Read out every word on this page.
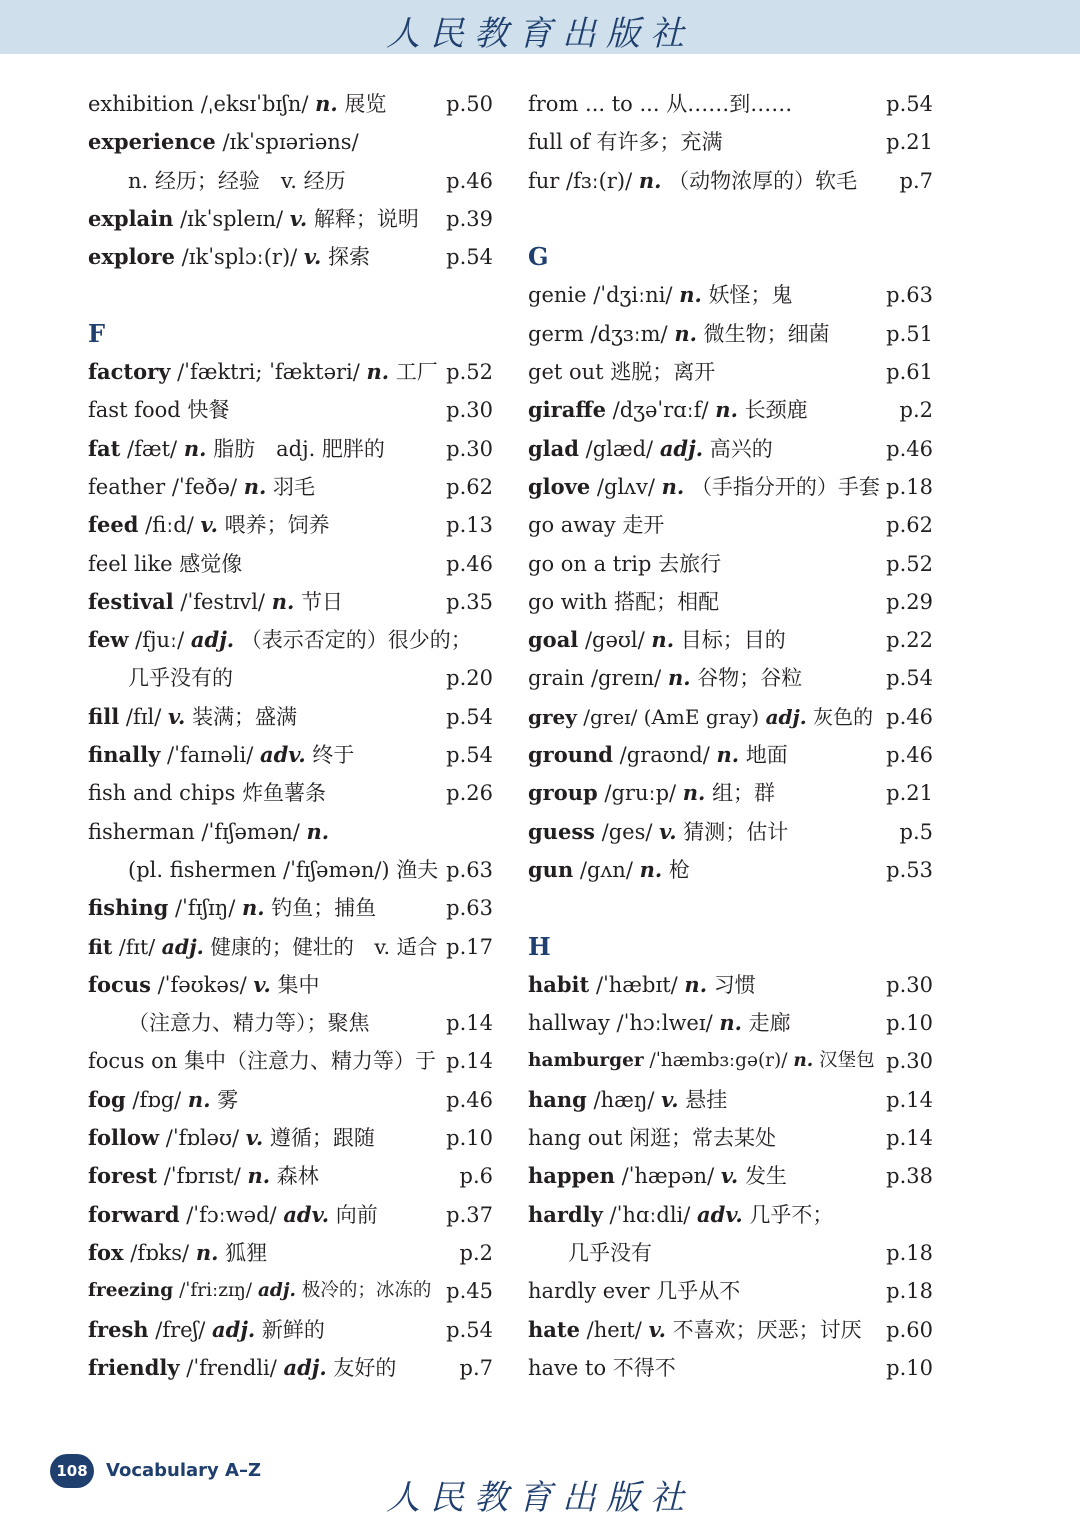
人民教育出版社
exhibition /ˌeksɪˈbɪʃn/ n. 展览	p.50
experience /ɪkˈspɪəriəns/
n. 经历；经验　v. 经历	p.46
explain /ɪkˈspleɪn/ v. 解释；说明 p.39
explore /ɪkˈsplɔː(r)/ v. 探索	p.54
F
factory /ˈfæktri; ˈfæktəri/ n. 工厂 p.52
fast food 快餐	p.30
fat /fæt/ n. 脂肪　adj. 肥胖的	p.30
feather /ˈfeðə/ n. 羽毛	p.62
feed /fiːd/ v. 喂养；饲养	p.13
feel like 感觉像	p.46
festival /ˈfestɪvl/ n. 节日	p.35
few /fjuː/ adj. （表示否定的）很少的；
几乎没有的	p.20
fill /fɪl/ v. 装满；盛满	p.54
finally /ˈfaɪnəli/ adv. 终于	p.54
fish and chips 炸鱼薯条	p.26
fisherman /ˈfɪʃəmən/ n.
(pl. fishermen /ˈfɪʃəmən/) 渔夫 p.63
fishing /ˈfɪʃɪŋ/ n. 钓鱼；捕鱼	p.63
fit /fɪt/ adj. 健康的；健壮的　v. 适合 p.17
focus /ˈfəʊkəs/ v. 集中
（注意力、精力等）；聚焦	p.14
focus on 集中（注意力、精力等）于 p.14
fog /fɒg/ n. 雾	p.46
follow /ˈfɒləʊ/ v. 遵循；跟随	p.10
forest /ˈfɒrɪst/ n. 森林	p.6
forward /ˈfɔːwəd/ adv. 向前	p.37
fox /fɒks/ n. 狐狸	p.2
freezing /ˈfriːzɪŋ/ adj. 极冷的；冰冻的 p.45
fresh /freʃ/ adj. 新鲜的	p.54
friendly /ˈfrendli/ adj. 友好的	p.7
from ... to ... 从……到……	p.54
full of 有许多；充满	p.21
fur /fɜː(r)/ n. （动物浓厚的）软毛 p.7
G
genie /ˈdʒiːni/ n. 妖怪；鬼	p.63
germ /dʒɜːm/ n. 微生物；细菌	p.51
get out 逃脱；离开	p.61
giraffe /dʒəˈrɑːf/ n. 长颈鹿	p.2
glad /glæd/ adj. 高兴的	p.46
glove /glʌv/ n. （手指分开的）手套 p.18
go away 走开	p.62
go on a trip 去旅行	p.52
go with 搭配；相配	p.29
goal /gəʊl/ n. 目标；目的	p.22
grain /greɪn/ n. 谷物；谷粒	p.54
grey /greɪ/ (AmE gray) adj. 灰色的 p.46
ground /graʊnd/ n. 地面	p.46
group /gruːp/ n. 组；群	p.21
guess /ges/ v. 猜测；估计	p.5
gun /gʌn/ n. 枪	p.53
H
habit /ˈhæbɪt/ n. 习惯	p.30
hallway /ˈhɔːlweɪ/ n. 走廊	p.10
hamburger /ˈhæmbɜːgə(r)/ n. 汉堡包 p.30
hang /hæŋ/ v. 悬挂	p.14
hang out 闲逛；常去某处	p.14
happen /ˈhæpən/ v. 发生	p.38
hardly /ˈhɑːdli/ adv. 几乎不；
几乎没有	p.18
hardly ever 几乎从不	p.18
hate /heɪt/ v. 不喜欢；厌恶；讨厌 p.60
have to 不得不	p.10
108	Vocabulary A–Z
人民教育出版社
